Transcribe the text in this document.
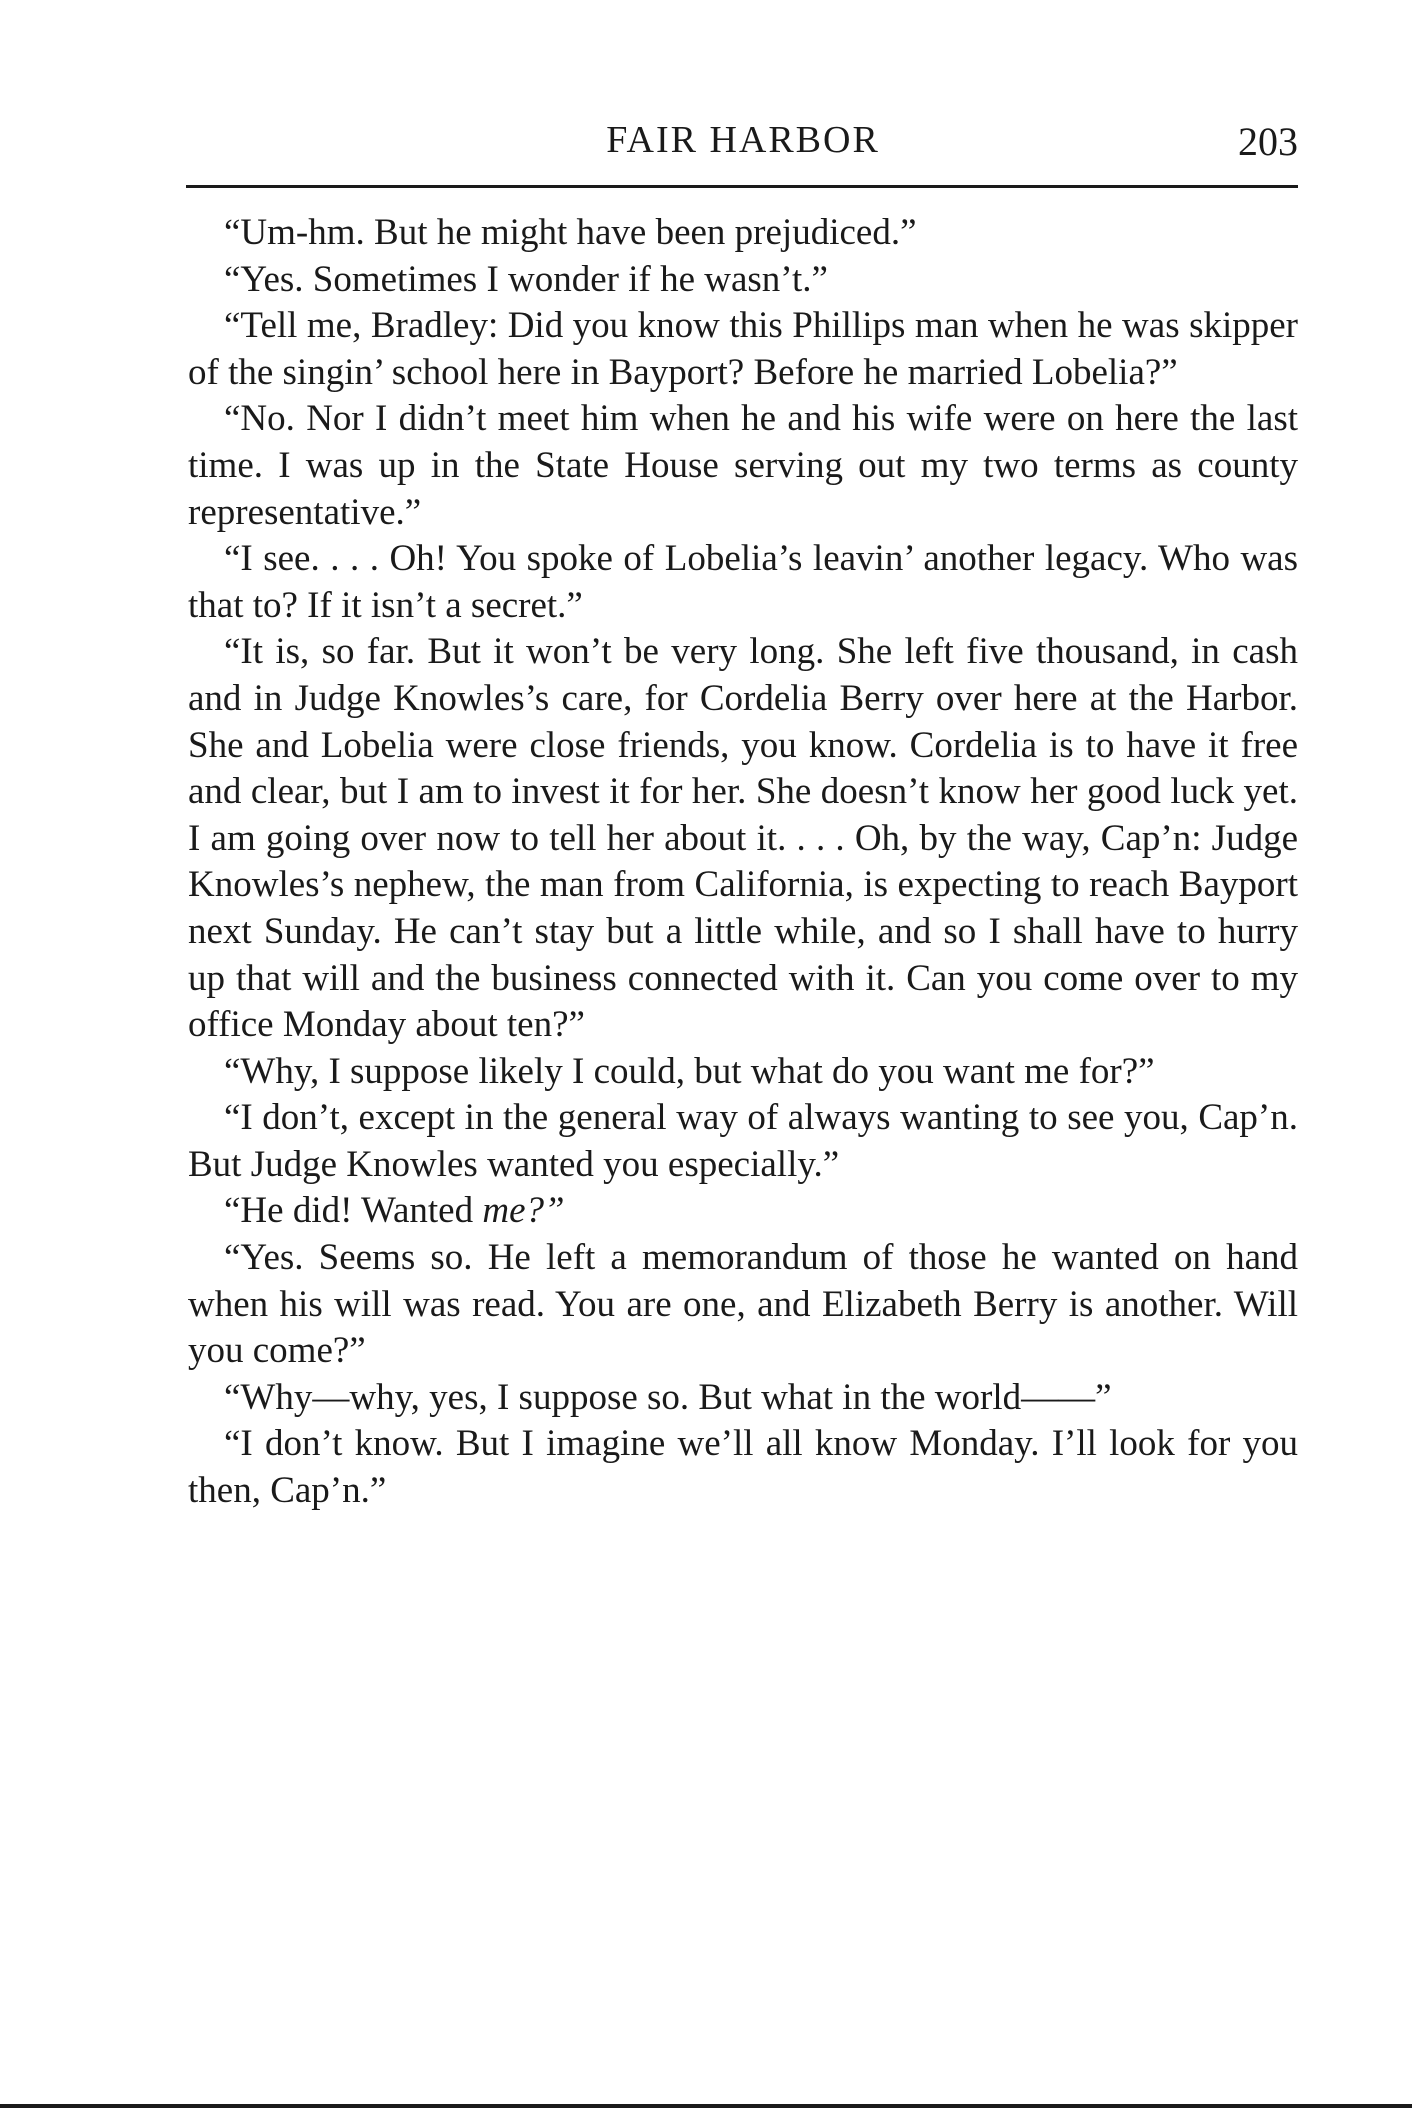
FAIR HARBOR	203

“Um-hm. But he might have been prejudiced.”

“Yes. Sometimes I wonder if he wasn’t.”

“Tell me, Bradley: Did you know this Phillips man when he was skipper of the singin’ school here in Bayport? Before he married Lobelia?”

“No. Nor I didn’t meet him when he and his wife were on here the last time. I was up in the State House serving out my two terms as county representative.”

“I see. . . . Oh! You spoke of Lobelia’s leavin’ another legacy. Who was that to? If it isn’t a secret.”

“It is, so far. But it won’t be very long. She left five thousand, in cash and in Judge Knowles’s care, for Cordelia Berry over here at the Harbor. She and Lobelia were close friends, you know. Cordelia is to have it free and clear, but I am to invest it for her. She doesn’t know her good luck yet. I am going over now to tell her about it. . . . Oh, by the way, Cap’n: Judge Knowles’s nephew, the man from California, is expecting to reach Bayport next Sunday. He can’t stay but a little while, and so I shall have to hurry up that will and the business connected with it. Can you come over to my office Monday about ten?”

“Why, I suppose likely I could, but what do you want me for?”

“I don’t, except in the general way of always wanting to see you, Cap’n. But Judge Knowles wanted you especially.”

“He did! Wanted me?”

“Yes. Seems so. He left a memorandum of those he wanted on hand when his will was read. You are one, and Elizabeth Berry is another. Will you come?”

“Why—why, yes, I suppose so. But what in the world——”

“I don’t know. But I imagine we’ll all know Monday. I’ll look for you then, Cap’n.”
